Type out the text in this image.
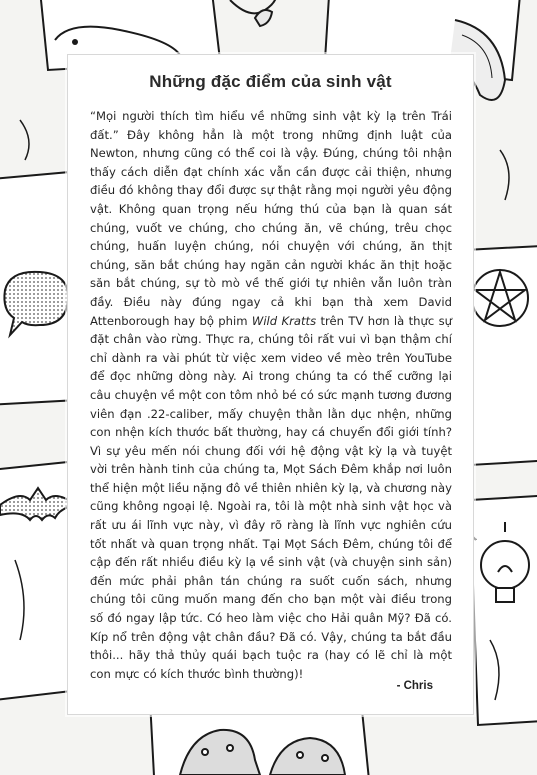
Những đặc điểm của sinh vật
“Mọi người thích tìm hiểu về những sinh vật kỳ lạ trên Trái đất.” Đây không hẳn là một trong những định luật của Newton, nhưng cũng có thể coi là vậy. Đúng, chúng tôi nhận thấy cách diễn đạt chính xác vẫn cần được cải thiện, nhưng điều đó không thay đổi được sự thật rằng mọi người yêu động vật. Không quan trọng nếu hứng thú của bạn là quan sát chúng, vuốt ve chúng, cho chúng ăn, vẽ chúng, trêu chọc chúng, huấn luyện chúng, nói chuyện với chúng, ăn thịt chúng, săn bắt chúng hay ngăn cản người khác ăn thịt hoặc săn bắt chúng, sự tò mò về thế giới tự nhiên vẫn luôn tràn đầy. Điều này đúng ngay cả khi bạn thà xem David Attenborough hay bộ phim Wild Kratts trên TV hơn là thực sự đặt chân vào rừng. Thực ra, chúng tôi rất vui vì bạn thậm chí chỉ dành ra vài phút từ việc xem video về mèo trên YouTube để đọc những dòng này. Ai trong chúng ta có thể cưỡng lại câu chuyện về một con tôm nhỏ bé có sức mạnh tương đương viên đạn .22-caliber, mấy chuyện thằn lằn dục nhện, những con nhện kích thước bất thường, hay cá chuyển đổi giới tính? Vì sự yêu mến nói chung đối với hệ động vật kỳ lạ và tuyệt vời trên hành tinh của chúng ta, Mọt Sách Đêm khắp nơi luôn thể hiện một liều nặng đô về thiên nhiên kỳ lạ, và chương này cũng không ngoại lệ. Ngoài ra, tôi là một nhà sinh vật học và rất ưu ái lĩnh vực này, vì đây rõ ràng là lĩnh vực nghiên cứu tốt nhất và quan trọng nhất. Tại Mọt Sách Đêm, chúng tôi để cập đến rất nhiều điều kỳ lạ về sinh vật (và chuyện sinh sản) đến mức phải phân tán chúng ra suốt cuốn sách, nhưng chúng tôi cũng muốn mang đến cho bạn một vài điều trong số đó ngay lập tức. Có heo làm việc cho Hải quân Mỹ? Đã có. Kíp nổ trên động vật chân đầu? Đã có. Vậy, chúng ta bắt đầu thôi... hãy thả thủy quái bạch tuộc ra (hay có lẽ chỉ là một con mực có kích thước bình thường)!
- Chris
